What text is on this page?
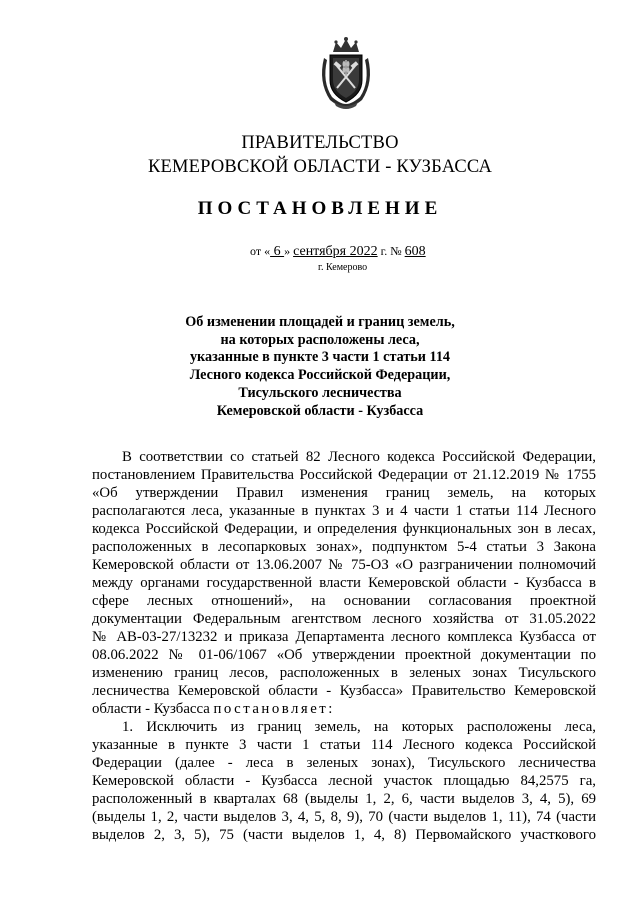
ПРАВИТЕЛЬСТВО
КЕМЕРОВСКОЙ ОБЛАСТИ - КУЗБАССА
ПОСТАНОВЛЕНИЕ
от « 6 » сентября 2022 г. № 608
г. Кемерово
Об изменении площадей и границ земель,
на которых расположены леса,
указанные в пункте 3 части 1 статьи 114
Лесного кодекса Российской Федерации,
Тисульского лесничества
Кемеровской области - Кузбасса

В соответствии со статьей 82 Лесного кодекса Российской Федерации,

постановлением Правительства Российской Федерации от 21.12.2019 № 1755

«Об утверждении Правил изменения границ земель, на которых

располагаются леса, указанные в пунктах 3 и 4 части 1 статьи 114 Лесного

кодекса Российской Федерации, и определения функциональных зон в лесах,

расположенных в лесопарковых зонах», подпунктом 5-4 статьи 3 Закона

Кемеровской области от 13.06.2007 № 75-ОЗ «О разграничении полномочий

между органами государственной власти Кемеровской области - Кузбасса в

сфере лесных отношений», на основании согласования проектной

документации Федеральным агентством лесного хозяйства от 31.05.2022

№ АВ-03-27/13232 и приказа Департамента лесного комплекса Кузбасса от

08.06.2022 № 01-06/1067 «Об утверждении проектной документации по

изменению границ лесов, расположенных в зеленых зонах Тисульского

лесничества Кемеровской области - Кузбасса» Правительство Кемеровской

области - Кузбасса постановляет:

1. Исключить из границ земель, на которых расположены леса,

указанные в пункте 3 части 1 статьи 114 Лесного кодекса Российской

Федерации (далее - леса в зеленых зонах), Тисульского лесничества

Кемеровской области - Кузбасса лесной участок площадью 84,2575 га,

расположенный в кварталах 68 (выделы 1, 2, 6, части выделов 3, 4, 5), 69

(выделы 1, 2, части выделов 3, 4, 5, 8, 9), 70 (части выделов 1, 11), 74 (части

выделов 2, 3, 5), 75 (части выделов 1, 4, 8) Первомайского участкового
